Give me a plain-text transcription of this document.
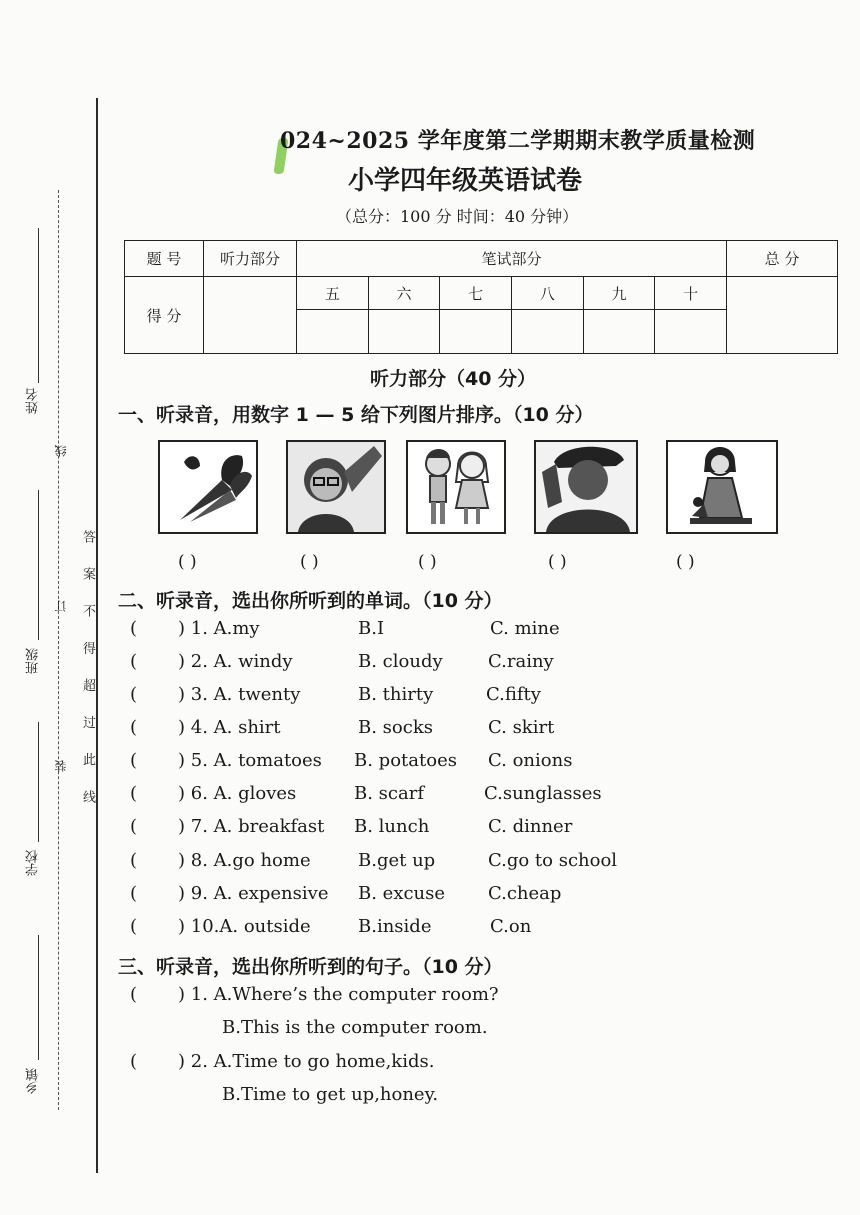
姓名
班级
学校
乡镇
线
订
装 答 案 不 得 超 过 此 线
024~2025 学年度第二学期期末教学质量检测
小学四年级英语试卷
（总分：100 分 时间：40 分钟）
题 号	听力部分	笔试部分						总 分
得 分		五	六	七	八	九	十	

听力部分（40 分）
一、听录音，用数字 1 — 5 给下列图片排序。（10 分）
( )	( )	( )	( )	( )
二、听录音，选出你所听到的单词。（10 分）
( ) 1. A.my	B.I	C. mine
( ) 2. A. windy	B. cloudy	C.rainy
( ) 3. A. twenty	B. thirty	C.fifty
( ) 4. A. shirt	B. socks	C. skirt
( ) 5. A. tomatoes B. potatoes C. onions
( ) 6. A. gloves	B. scarf	C.sunglasses
( ) 7. A. breakfast B. lunch	C. dinner
( ) 8. A.go home	B.get up	C.go to school
( ) 9. A. expensive B. excuse C.cheap
( ) 10.A. outside	B.inside	C.on
三、听录音，选出你所听到的句子。（10 分）
( ) 1. A.Where’s the computer room?
B.This is the computer room.
( ) 2. A.Time to go home,kids.
B.Time to get up,honey.
